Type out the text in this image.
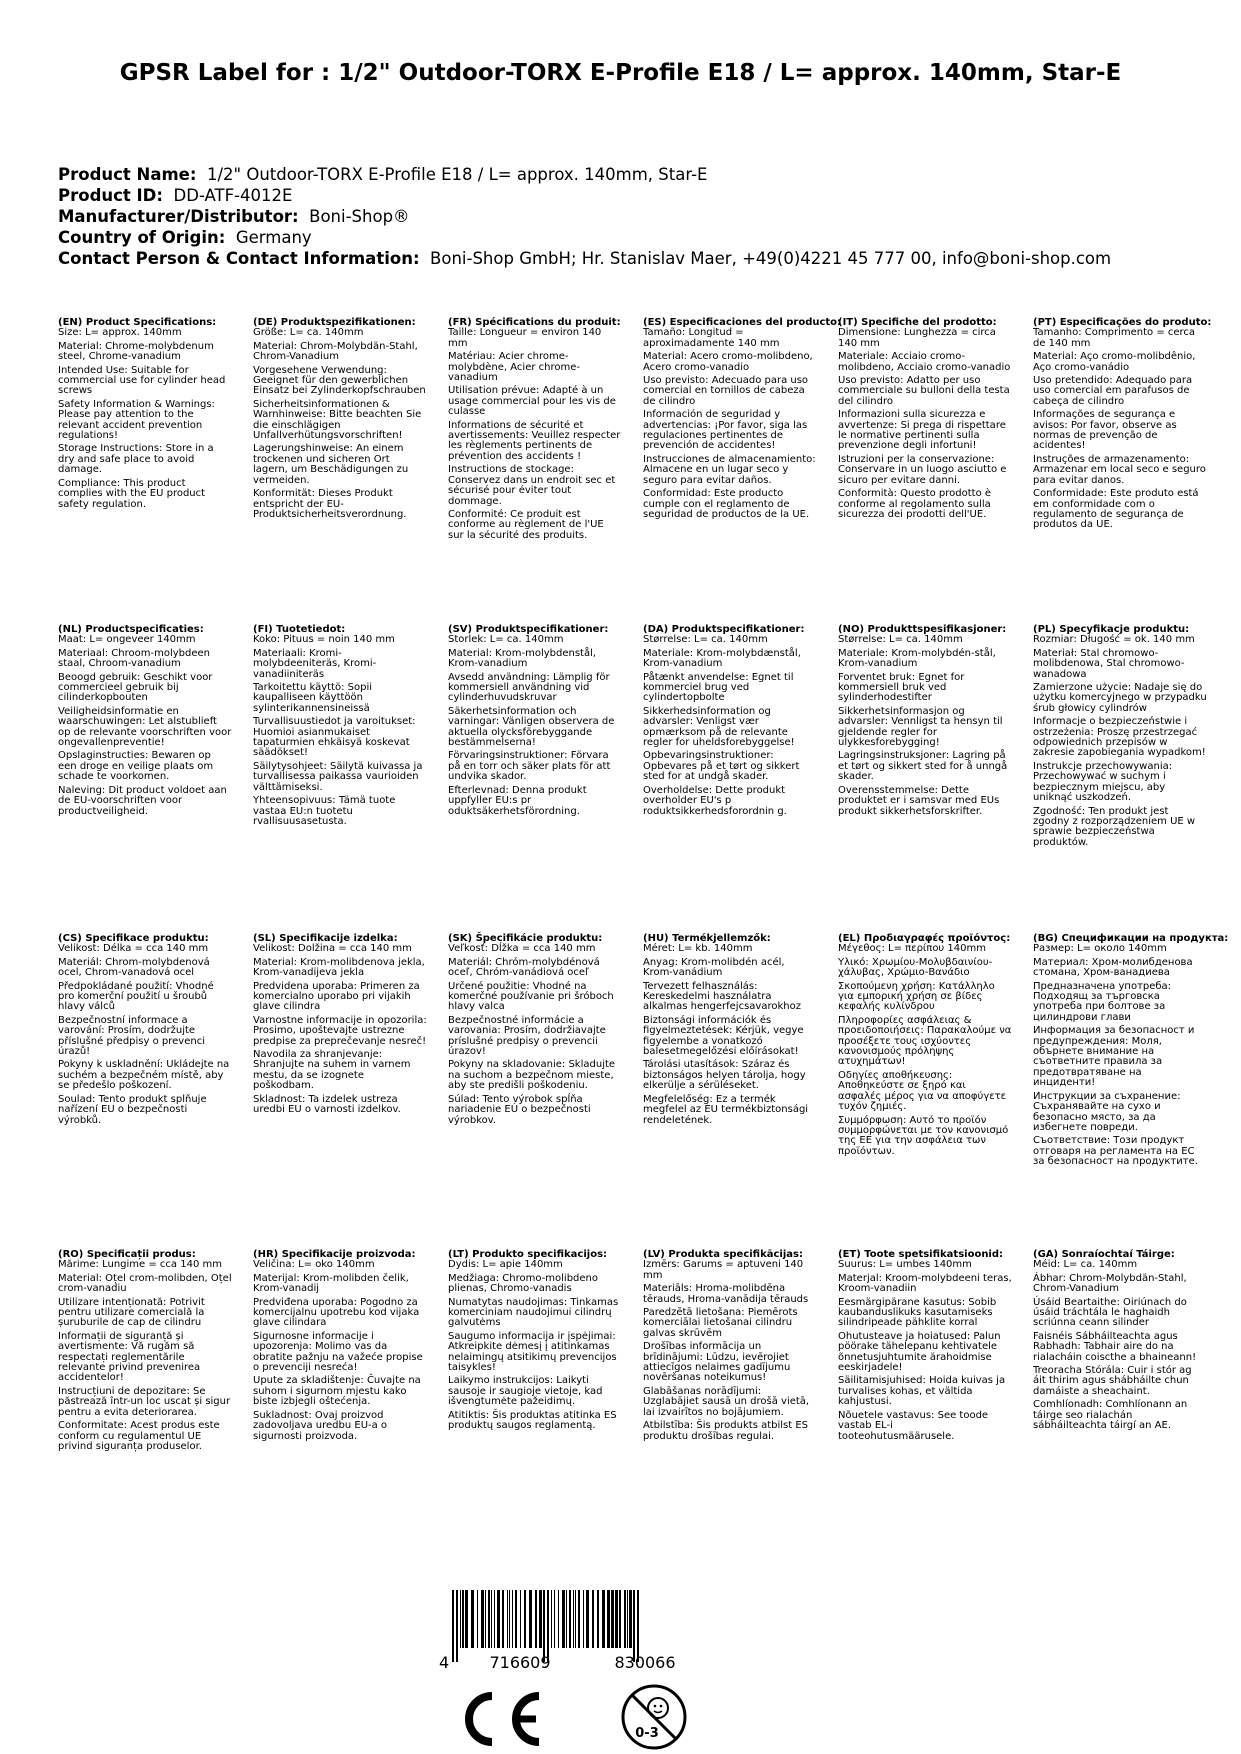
GPSR Label for : 1/2" Outdoor-TORX E-Profile E18 / L= approx. 140mm, Star-E
Product Name: 1/2" Outdoor-TORX E-Profile E18 / L= approx. 140mm, Star-E
Product ID: DD-ATF-4012E
Manufacturer/Distributor: Boni-Shop®
Country of Origin: Germany
Contact Person & Contact Information: Boni-Shop GmbH; Hr. Stanislav Maer, +49(0)4221 45 777 00, info@boni-shop.com
(EN) Product Specifications:
Size: L= approx. 140mm
Material: Chrome-molybdenum steel, Chrome-vanadium
Intended Use: Suitable for commercial use for cylinder head screws
Safety Information & Warnings: Please pay attention to the relevant accident prevention regulations!
Storage Instructions: Store in a dry and safe place to avoid damage.
Compliance: This product complies with the EU product safety regulation.
(DE) Produktspezifikationen:
Größe: L= ca. 140mm
Material: Chrom-Molybdän-Stahl, Chrom-Vanadium
Vorgesehene Verwendung: Geeignet für den gewerblichen Einsatz bei Zylinderkopfschrauben
Sicherheitsinformationen & Warnhinweise: Bitte beachten Sie die einschlägigen Unfallverhütungsvorschriften!
Lagerungshinweise: An einem trockenen und sicheren Ort lagern, um Beschädigungen zu vermeiden.
Konformität: Dieses Produkt entspricht der EU-Produktsicherheitsverordnung.
(FR) Spécifications du produit:
Taille: Longueur = environ 140 mm
Matériau: Acier chrome-molybdène, Acier chrome-vanadium
Utilisation prévue: Adapté à un usage commercial pour les vis de culasse
Informations de sécurité et avertissements: Veuillez respecter les règlements pertinents de prévention des accidents !
Instructions de stockage: Conservez dans un endroit sec et sécurisé pour éviter tout dommage.
Conformité: Ce produit est conforme au règlement de l'UE sur la sécurité des produits.
(ES) Especificaciones del producto:
Tamaño: Longitud = aproximadamente 140 mm
Material: Acero cromo-molibdeno, Acero cromo-vanadio
Uso previsto: Adecuado para uso comercial en tornillos de cabeza de cilindro
Información de seguridad y advertencias: ¡Por favor, siga las regulaciones pertinentes de prevención de accidentes!
Instrucciones de almacenamiento: Almacene en un lugar seco y seguro para evitar daños.
Conformidad: Este producto cumple con el reglamento de seguridad de productos de la UE.
(IT) Specifiche del prodotto:
Dimensione: Lunghezza = circa 140 mm
Materiale: Acciaio cromo-molibdeno, Acciaio cromo-vanadio
Uso previsto: Adatto per uso commerciale su bulloni della testa del cilindro
Informazioni sulla sicurezza e avvertenze: Si prega di rispettare le normative pertinenti sulla prevenzione degli infortuni!
Istruzioni per la conservazione: Conservare in un luogo asciutto e sicuro per evitare danni.
Conformità: Questo prodotto è conforme al regolamento sulla sicurezza dei prodotti dell'UE.
(PT) Especificações do produto:
Tamanho: Comprimento = cerca de 140 mm
Material: Aço cromo-molibdênio, Aço cromo-vanádio
Uso pretendido: Adequado para uso comercial em parafusos de cabeça de cilindro
Informações de segurança e avisos: Por favor, observe as normas de prevenção de acidentes!
Instruções de armazenamento: Armazenar em local seco e seguro para evitar danos.
Conformidade: Este produto está em conformidade com o regulamento de segurança de produtos da UE.
(NL) Productspecificaties:
Maat: L= ongeveer 140mm
Materiaal: Chroom-molybdeen staal, Chroom-vanadium
Beoogd gebruik: Geschikt voor commercieel gebruik bij cilinderkopbouten
Veiligheidsinformatie en waarschuwingen: Let alstublieft op de relevante voorschriften voor ongevallenpreventie!
Opslaginstructies: Bewaren op een droge en veilige plaats om schade te voorkomen.
Naleving: Dit product voldoet aan de EU-voorschriften voor productveiligheid.
(FI) Tuotetiedot:
Koko: Pituus = noin 140 mm
Materiaali: Kromi-molybdeeniteräs, Kromi-vanadiiniteräs
Tarkoitettu käyttö: Sopii kaupalliseen käyttöön sylinterikannensineissä
Turvallisuustiedot ja varoitukset: Huomioi asianmukaiset tapaturmien ehkäisyä koskevat säädökset!
Säilytysohjeet: Säilytä kuivassa ja turvallisessa paikassa vaurioiden välttämiseksi.
Yhteensopivuus: Tämä tuote vastaa EU:n tuotetu rvallisuusasetusta.
(SV) Produktspecifikationer:
Storlek: L= ca. 140mm
Material: Krom-molybdenstål, Krom-vanadium
Avsedd användning: Lämplig för kommersiell användning vid cylinderhuvudskruvar
Säkerhetsinformation och varningar: Vänligen observera de aktuella olycksförebyggande bestämmelserna!
Förvaringsinstruktioner: Förvara på en torr och säker plats för att undvika skador.
Efterlevnad: Denna produkt uppfyller EU:s pr oduktsäkerhetsförordning.
(DA) Produktspecifikationer:
Størrelse: L= ca. 140mm
Materiale: Krom-molybdænstål, Krom-vanadium
Påtænkt anvendelse: Egnet til kommerciel brug ved cylindertopbolte
Sikkerhedsinformation og advarsler: Venligst vær opmærksom på de relevante regler for uheldsforebyggelse!
Opbevaringsinstruktioner: Opbevares på et tørt og sikkert sted for at undgå skader.
Overholdelse: Dette produkt overholder EU's p roduktsikkerhedsforordnin g.
(NO) Produkttspesifikasjoner:
Størrelse: L= ca. 140mm
Materiale: Krom-molybdén-stål, Krom-vanadium
Forventet bruk: Egnet for kommersiell bruk ved sylinderhodestifter
Sikkerhetsinformasjon og advarsler: Vennligst ta hensyn til gjeldende regler for ulykkesforebygging!
Lagringsinstruksjoner: Lagring på et tørt og sikkert sted for å unngå skader.
Overensstemmelse: Dette produktet er i samsvar med EUs produkt sikkerhetsforskrifter.
(PL) Specyfikacje produktu:
Rozmiar: Długość = ok. 140 mm
Materiał: Stal chromowo-molibdenowa, Stal chromowo-wanadowa
Zamierzone użycie: Nadaje się do użytku komercyjnego w przypadku śrub głowicy cylindrów
Informacje o bezpieczeństwie i ostrzeżenia: Proszę przestrzegać odpowiednich przepisów w zakresie zapobiegania wypadkom!
Instrukcje przechowywania: Przechowywać w suchym i bezpiecznym miejscu, aby uniknąć uszkodzeń.
Zgodność: Ten produkt jest zgodny z rozporządzeniem UE w sprawie bezpieczeństwa produktów.
(CS) Specifikace produktu:
Velikost: Délka = cca 140 mm
Materiál: Chrom-molybdenová ocel, Chrom-vanadová ocel
Předpokládané použití: Vhodné pro komerční použití u šroubů hlavy válců
Bezpečnostní informace a varování: Prosím, dodržujte příslušné předpisy o prevenci úrazů!
Pokyny k uskladnění: Ukládejte na suchém a bezpečném místě, aby se předešlo poškození.
Soulad: Tento produkt splňuje nařízení EU o bezpečnosti výrobků.
(SL) Specifikacije izdelka:
Velikost: Dolžina = cca 140 mm
Material: Krom-molibdenova jekla, Krom-vanadijeva jekla
Predvidena uporaba: Primeren za komercialno uporabo pri vijakih glave cilindra
Varnostne informacije in opozorila: Prosimo, upoštevajte ustrezne predpise za preprečevanje nesreč!
Navodila za shranjevanje: Shranjujte na suhem in varnem mestu, da se izognete poškodbam.
Skladnost: Ta izdelek ustreza uredbi EU o varnosti izdelkov.
(SK) Špecifikácie produktu:
Veľkosť: Dĺžka = cca 140 mm
Materiál: Chróm-molybdénová oceľ, Chróm-vanádiová oceľ
Určené použitie: Vhodné na komerčné používanie pri šróboch hlavy valca
Bezpečnostné informácie a varovania: Prosím, dodržiavajte príslušné predpisy o prevencii úrazov!
Pokyny na skladovanie: Skladujte na suchom a bezpečnom mieste, aby ste predišli poškodeniu.
Súlad: Tento výrobok spĺňa nariadenie EÚ o bezpečnosti výrobkov.
(HU) Termékjellemzők:
Méret: L= kb. 140mm
Anyag: Krom-molibdén acél, Krom-vanádium
Tervezett felhasználás: Kereskedelmi használatra alkalmas hengerfejcsavarokhoz
Biztonsági információk és figyelmeztetések: Kérjük, vegye figyelembe a vonatkozó balesetmegelőzési előírásokat!
Tárolási utasítások: Száraz és biztonságos helyen tárolja, hogy elkerülje a sérüléseket.
Megfelelőség: Ez a termék megfelel az EU termékbiztonsági rendeletének.
(EL) Προδιαγραφές προϊόντος:
Μέγεθος: L= περίπου 140mm
Υλικό: Χρωμίου-Μολυβδαινίου-χάλυβας, Χρώμιο-Βανάδιο
Σκοπούμενη χρήση: Κατάλληλο για εμπορική χρήση σε βίδες κεφαλής κυλίνδρου
Πληροφορίες ασφάλειας & προειδοποιήσεις: Παρακαλούμε να προσέξετε τους ισχύοντες κανονισμούς πρόληψης ατυχημάτων!
Οδηγίες αποθήκευσης: Αποθηκεύστε σε ξηρό και ασφαλές μέρος για να αποφύγετε τυχόν ζημιές.
Συμμόρφωση: Αυτό το προϊόν συμμορφώνεται με τον κανονισμό της ΕΕ για την ασφάλεια των προϊόντων.
(BG) Спецификации на продукта:
Размер: L= около 140mm
Материал: Хром-молибденова стомана, Хром-ванадиева
Предназначена употреба: Подходящ за търговска употреба при болтове за цилиндрови глави
Информация за безопасност и предупреждения: Моля, обърнете внимание на съответните правила за предотвратяване на инциденти!
Инструкции за съхранение: Съхранявайте на сухо и безопасно място, за да избегнете повреди.
Съответствие: Този продукт отговаря на регламента на ЕС за безопасност на продуктите.
(RO) Specificații produs:
Mărime: Lungime = cca 140 mm
Material: Oțel crom-molibden, Oțel crom-vanadiu
Utilizare intenționată: Potrivit pentru utilizare comercială la șuruburile de cap de cilindru
Informații de siguranță și avertismente: Vă rugăm să respectați reglementările relevante privind prevenirea accidentelor!
Instrucțiuni de depozitare: Se păstrează într-un loc uscat și sigur pentru a evita deteriorarea.
Conformitate: Acest produs este conform cu regulamentul UE privind siguranța produselor.
(HR) Specifikacije proizvoda:
Veličina: L= oko 140mm
Materijal: Krom-molibden čelik, Krom-vanadij
Predviđena uporaba: Pogodno za komercijalnu upotrebu kod vijaka glave cilindara
Sigurnosne informacije i upozorenja: Molimo vas da obratite pažnju na važeće propise o prevenciji nesreća!
Upute za skladištenje: Čuvajte na suhom i sigurnom mjestu kako biste izbjegli oštećenja.
Sukladnost: Ovaj proizvod zadovoljava uredbu EU-a o sigurnosti proizvoda.
(LT) Produkto specifikacijos:
Dydis: L= apie 140mm
Medžiaga: Chromo-molibdeno plienas, Chromo-vanadis
Numatytas naudojimas: Tinkamas komerciniam naudojimui cilindrų galvutėms
Saugumo informacija ir įspėjimai: Atkreipkite dėmesį į atitinkamas nelaimingų atsitikimų prevencijos taisykles!
Laikymo instrukcijos: Laikyti sausoje ir saugioje vietoje, kad išvengtumėte pažeidimų.
Atitiktis: Šis produktas atitinka ES produktų saugos reglamentą.
(LV) Produkta specifikācijas:
Izmērs: Garums = aptuveni 140 mm
Materiāls: Hroma-molibdēna tērauds, Hroma-vanādija tērauds
Paredzētā lietošana: Piemērots komerciālai lietošanai cilindru galvas skrūvēm
Drošības informācija un brīdinājumi: Lūdzu, ievērojiet attiecīgos nelaimes gadījumu novēršanas noteikumus!
Glabāšanas norādījumi: Uzglabājiet sausā un drošā vietā, lai izvairītos no bojājumiem.
Atbilstība: Šis produkts atbilst ES produktu drošības regulai.
(ET) Toote spetsifikatsioonid:
Suurus: L= umbes 140mm
Materjal: Kroom-molybdeeni teras, Kroom-vanadiin
Eesmärgipärane kasutus: Sobib kaubanduslikuks kasutamiseks silindripeade pähklite korral
Ohutusteave ja hoiatused: Palun pöörake tähelepanu kehtivatele õnnetusjuhtumite ärahoidmise eeskirjadele!
Säilitamisjuhised: Hoida kuivas ja turvalises kohas, et vältida kahjustusi.
Nõuetele vastavus: See toode vastab EL-i tooteohutusmäärusele.
(GA) Sonraíochtaí Táirge:
Méid: L= ca. 140mm
Ábhar: Chrom-Molybdän-Stahl, Chrom-Vanadium
Úsáid Beartaithe: Oiriúnach do úsáid tráchtála le haghaidh scriúnna ceann silinder
Faisnéis Sábháilteachta agus Rabhadh: Tabhair aire do na rialacháin coiscthe a bhaineann!
Treoracha Stórála: Cuir i stór ag áit thirim agus shábháilte chun damáiste a sheachaint.
Comhlíonadh: Comhlíonann an táirge seo rialachán sábháilteachta táirgí an AE.
4	716609	830066
0-3
